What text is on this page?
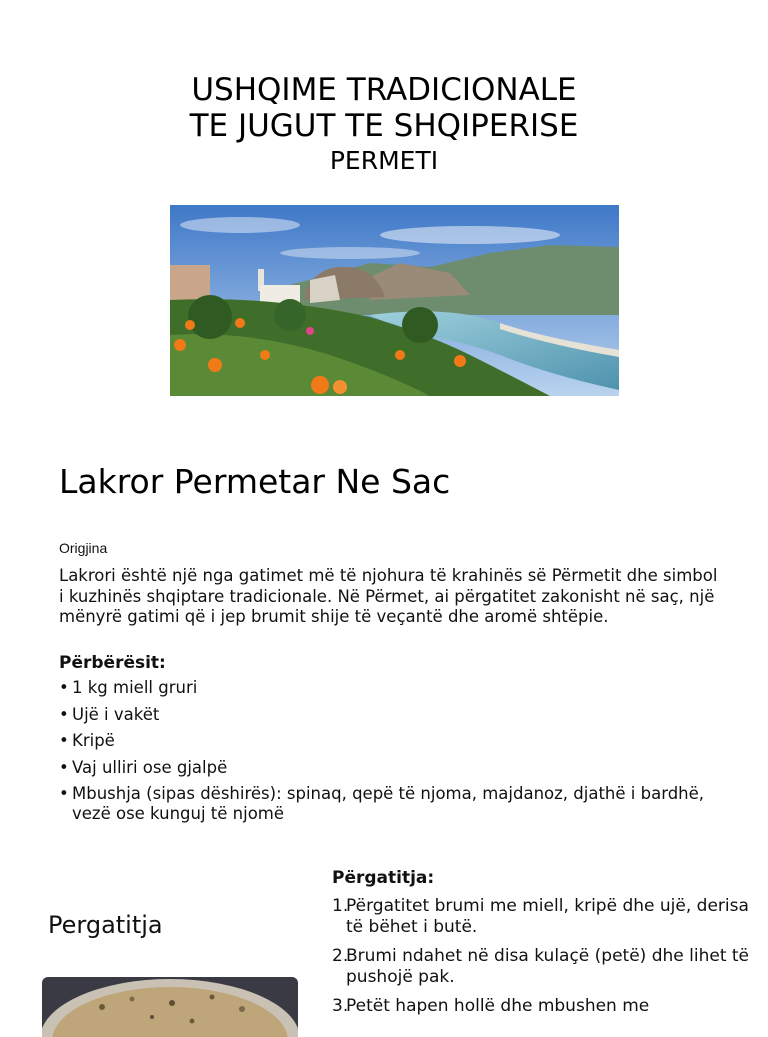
USHQIME TRADICIONALE
TE JUGUT TE SHQIPERISE
PERMETI
Lakror Permetar Ne Sac
Origjina

Lakrori është një nga gatimet më të njohura të krahinës së Përmetit dhe simbol i kuzhinës shqiptare tradicionale. Në Përmet, ai përgatitet zakonisht në saç, një mënyrë gatimi që i jep brumit shije të veçantë dhe aromë shtëpie.

Përbërësit:
• 1 kg miell gruri
• Ujë i vakët
• Kripë
• Vaj ulliri ose gjalpë
• Mbushja (sipas dëshirës): spinaq, qepë të njoma, majdanoz, djathë i bardhë, vezë ose kunguj të njomë
Pergatitja
Përgatitja:
1.
Përgatitet brumi me miell, kripë dhe ujë, derisa të bëhet i butë.
2.
Brumi ndahet në disa kulaçë (petë) dhe lihet të pushojë pak.
3.
Petët hapen hollë dhe mbushen me
